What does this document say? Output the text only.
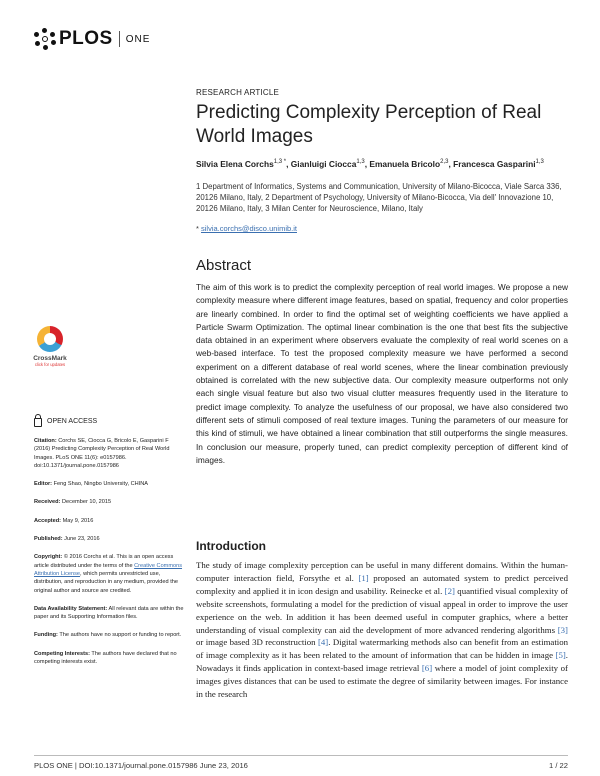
PLOS ONE
RESEARCH ARTICLE
Predicting Complexity Perception of Real World Images
Silvia Elena Corchs$^{1,3 *}$, Gianluigi Ciocca$^{1,3}$, Emanuela Bricolo$^{2,3}$, Francesca Gasparini$^{1,3}$
1 Department of Informatics, Systems and Communication, University of Milano-Bicocca, Viale Sarca 336, 20126 Milano, Italy, 2 Department of Psychology, University of Milano-Bicocca, Via dell' Innovazione 10, 20126 Milano, Italy, 3 Milan Center for Neuroscience, Milano, Italy
* silvia.corchs@disco.unimib.it
Abstract
The aim of this work is to predict the complexity perception of real world images. We propose a new complexity measure where different image features, based on spatial, frequency and color properties are linearly combined. In order to find the optimal set of weighting coefficients we have applied a Particle Swarm Optimization. The optimal linear combination is the one that best fits the subjective data obtained in an experiment where observers evaluate the complexity of real world scenes on a web-based interface. To test the proposed complexity measure we have performed a second experiment on a different database of real world scenes, where the linear combination previously obtained is correlated with the new subjective data. Our complexity measure outperforms not only each single visual feature but also two visual clutter measures frequently used in the literature to predict image complexity. To analyze the usefulness of our proposal, we have also considered two different sets of stimuli composed of real texture images. Tuning the parameters of our measure for this kind of stimuli, we have obtained a linear combination that still outperforms the single measures. In conclusion our measure, properly tuned, can predict complexity perception of different kind of images.
CrossMark
click for updates
OPEN ACCESS

Citation: Corchs SE, Ciocca G, Bricolo E, Gasparini F (2016) Predicting Complexity Perception of Real World Images. PLoS ONE 11(6): e0157986. doi:10.1371/journal.pone.0157986

Editor: Feng Shao, Ningbo University, CHINA

Received: December 10, 2015

Accepted: May 9, 2016

Published: June 23, 2016

Copyright: © 2016 Corchs et al. This is an open access article distributed under the terms of the Creative Commons Attribution License, which permits unrestricted use, distribution, and reproduction in any medium, provided the original author and source are credited.

Data Availability Statement: All relevant data are within the paper and its Supporting Information files.

Funding: The authors have no support or funding to report.

Competing Interests: The authors have declared that no competing interests exist.

Introduction
The study of image complexity perception can be useful in many different domains. Within the human-computer interaction field, Forsythe et al. [1] proposed an automated system to predict perceived complexity and applied it in icon design and usability. Reinecke et al. [2] quantified visual complexity of website screenshots, formulating a model for the prediction of visual appeal in order to improve the user experience on the web. In addition it has been deemed useful in computer graphics, where a better understanding of visual complexity can aid the development of more advanced rendering algorithms [3] or image based 3D reconstruction [4]. Digital watermarking methods also can benefit from an estimation of image complexity as it has been related to the amount of information that can be hidden in image [5]. Nowadays it finds application in context-based image retrieval [6] where a model of joint complexity of images gives distances that can be used to estimate the degree of similarity between images. For instance in the research
PLOS ONE | DOI:10.1371/journal.pone.0157986 June 23, 2016	1 / 22
